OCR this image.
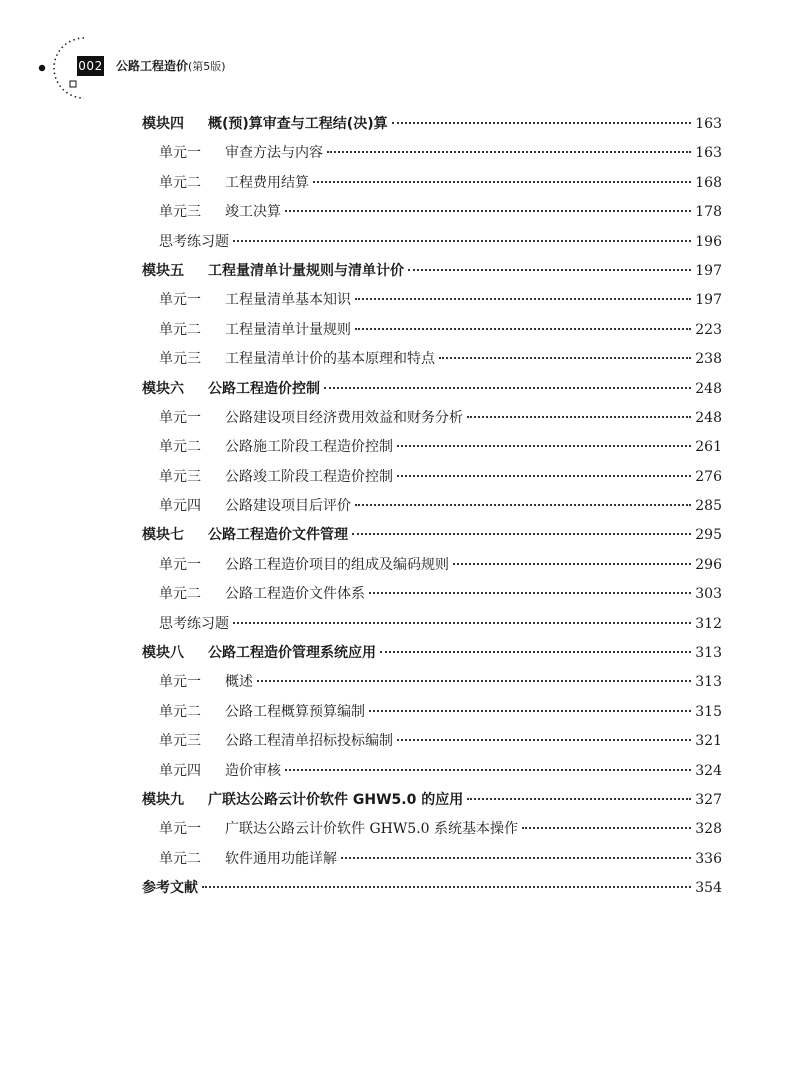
002 公路工程造价(第5版)
模块四	概(预)算审查与工程结(决)算	163
单元一	审查方法与内容	163
单元二	工程费用结算	168
单元三	竣工决算	178
思考练习题	196
模块五	工程量清单计量规则与清单计价	197
单元一	工程量清单基本知识	197
单元二	工程量清单计量规则	223
单元三	工程量清单计价的基本原理和特点	238
模块六	公路工程造价控制	248
单元一	公路建设项目经济费用效益和财务分析	248
单元二	公路施工阶段工程造价控制	261
单元三	公路竣工阶段工程造价控制	276
单元四	公路建设项目后评价	285
模块七	公路工程造价文件管理	295
单元一	公路工程造价项目的组成及编码规则	296
单元二	公路工程造价文件体系	303
思考练习题	312
模块八	公路工程造价管理系统应用	313
单元一	概述	313
单元二	公路工程概算预算编制	315
单元三	公路工程清单招标投标编制	321
单元四	造价审核	324
模块九	广联达公路云计价软件 GHW5.0 的应用	327
单元一	广联达公路云计价软件 GHW5.0 系统基本操作	328
单元二	软件通用功能详解	336
参考文献	354
